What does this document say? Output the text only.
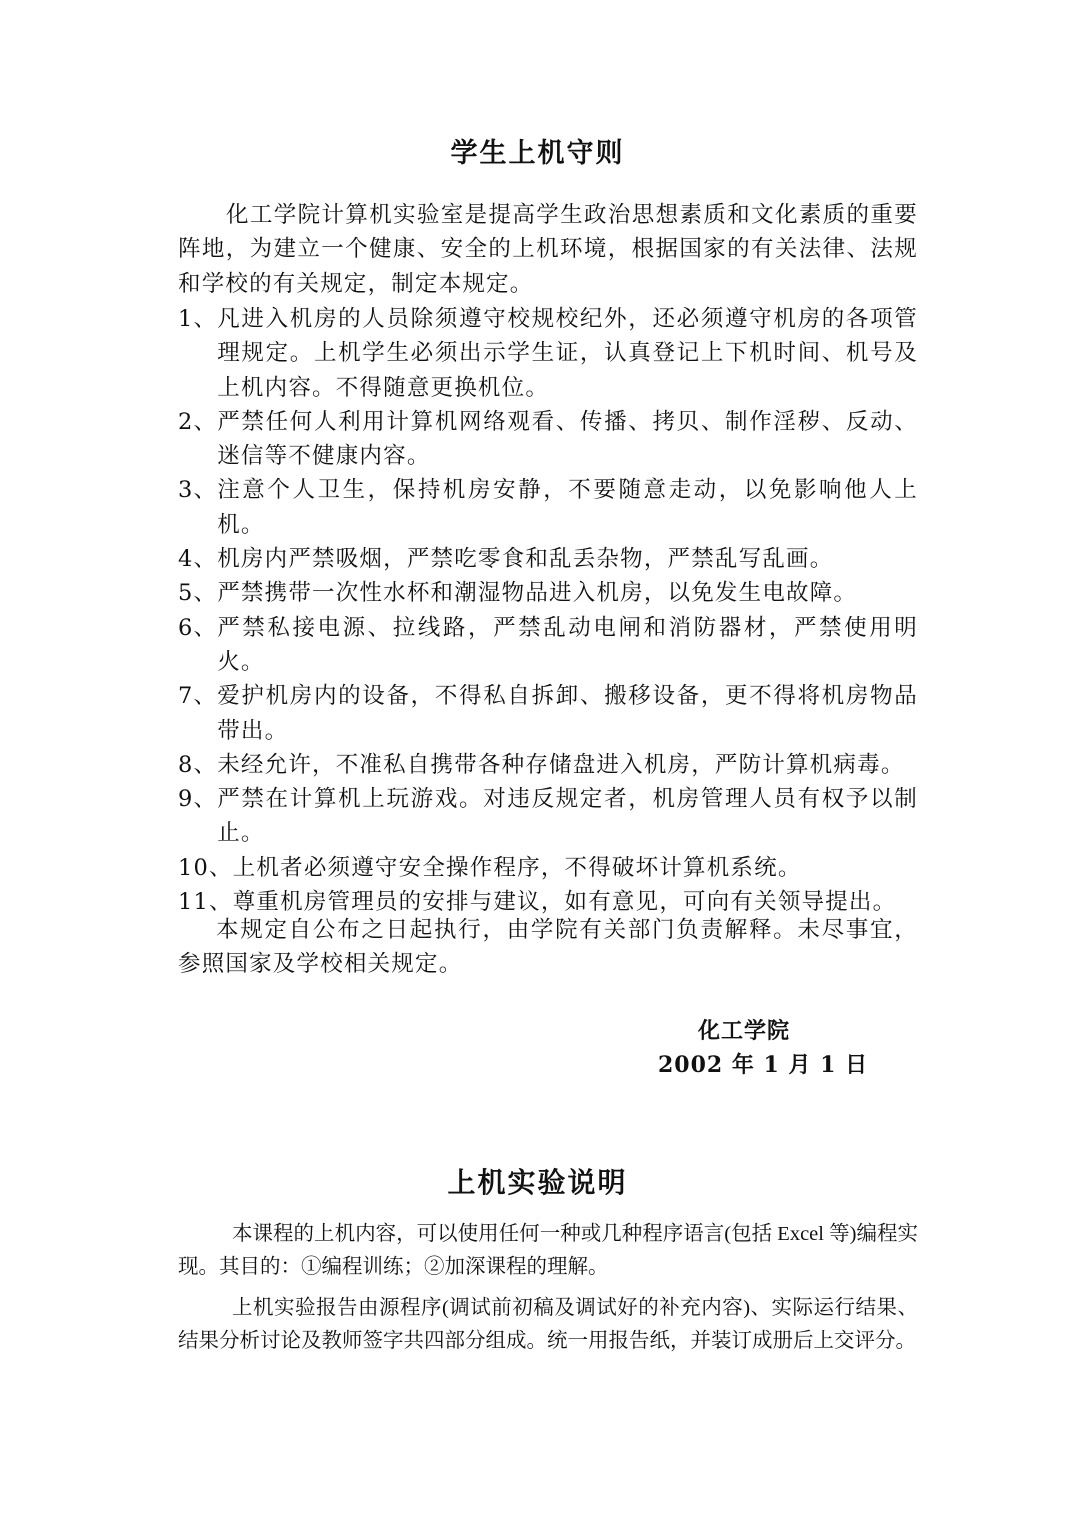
学生上机守则

化工学院计算机实验室是提高学生政治思想素质和文化素质的重要阵地，为建立一个健康、安全的上机环境，根据国家的有关法律、法规和学校的有关规定，制定本规定。

1、 凡进入机房的人员除须遵守校规校纪外，还必须遵守机房的各项管理规定。上机学生必须出示学生证，认真登记上下机时间、机号及上机内容。不得随意更换机位。
2、 严禁任何人利用计算机网络观看、传播、拷贝、制作淫秽、反动、迷信等不健康内容。
3、 注意个人卫生，保持机房安静，不要随意走动，以免影响他人上机。
4、 机房内严禁吸烟，严禁吃零食和乱丢杂物，严禁乱写乱画。
5、 严禁携带一次性水杯和潮湿物品进入机房，以免发生电故障。
6、 严禁私接电源、拉线路，严禁乱动电闸和消防器材，严禁使用明火。
7、 爱护机房内的设备，不得私自拆卸、搬移设备，更不得将机房物品带出。
8、 未经允许，不准私自携带各种存储盘进入机房，严防计算机病毒。
9、 严禁在计算机上玩游戏。对违反规定者，机房管理人员有权予以制止。
10、 上机者必须遵守安全操作程序，不得破坏计算机系统。
11、 尊重机房管理员的安排与建议，如有意见，可向有关领导提出。

本规定自公布之日起执行，由学院有关部门负责解释。未尽事宜，参照国家及学校相关规定。

化工学院
2002 年 1 月 1 日
上机实验说明

本课程的上机内容，可以使用任何一种或几种程序语言(包括 Excel 等)编程实现。其目的：①编程训练；②加深课程的理解。

上机实验报告由源程序(调试前初稿及调试好的补充内容)、实际运行结果、结果分析讨论及教师签字共四部分组成。统一用报告纸，并装订成册后上交评分。
